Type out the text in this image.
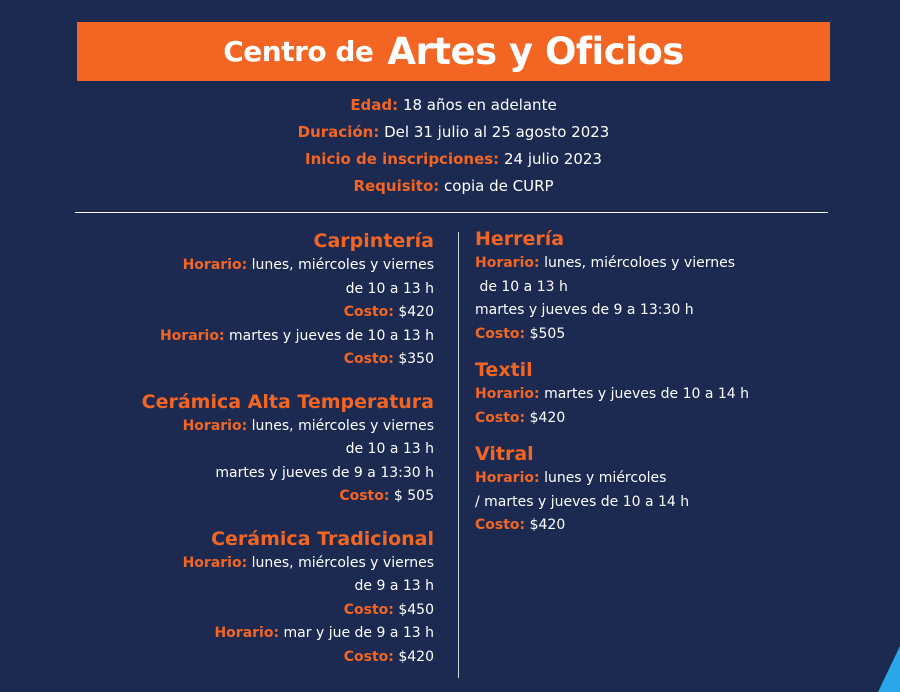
Centro de Artes y Oficios
Edad: 18 años en adelante
Duración: Del 31 julio al 25 agosto 2023
Inicio de inscripciones: 24 julio 2023
Requisito: copia de CURP
Carpintería
Horario: lunes, miércoles y viernes
de 10 a 13 h
Costo: $420
Horario: martes y jueves de 10 a 13 h
Costo: $350
Cerámica Alta Temperatura
Horario: lunes, miércoles y viernes
de 10 a 13 h
martes y jueves de 9 a 13:30 h
Costo: $ 505
Cerámica Tradicional
Horario: lunes, miércoles y viernes
de 9 a 13 h
Costo: $450
Horario: mar y jue de 9 a 13 h
Costo: $420
Herrería
Horario: lunes, miércoloes y viernes
de 10 a 13 h
martes y jueves de 9 a 13:30 h
Costo: $505
Textil
Horario: martes y jueves de 10 a 14 h
Costo: $420
Vitral
Horario: lunes y miércoles
/ martes y jueves de 10 a 14 h
Costo: $420
